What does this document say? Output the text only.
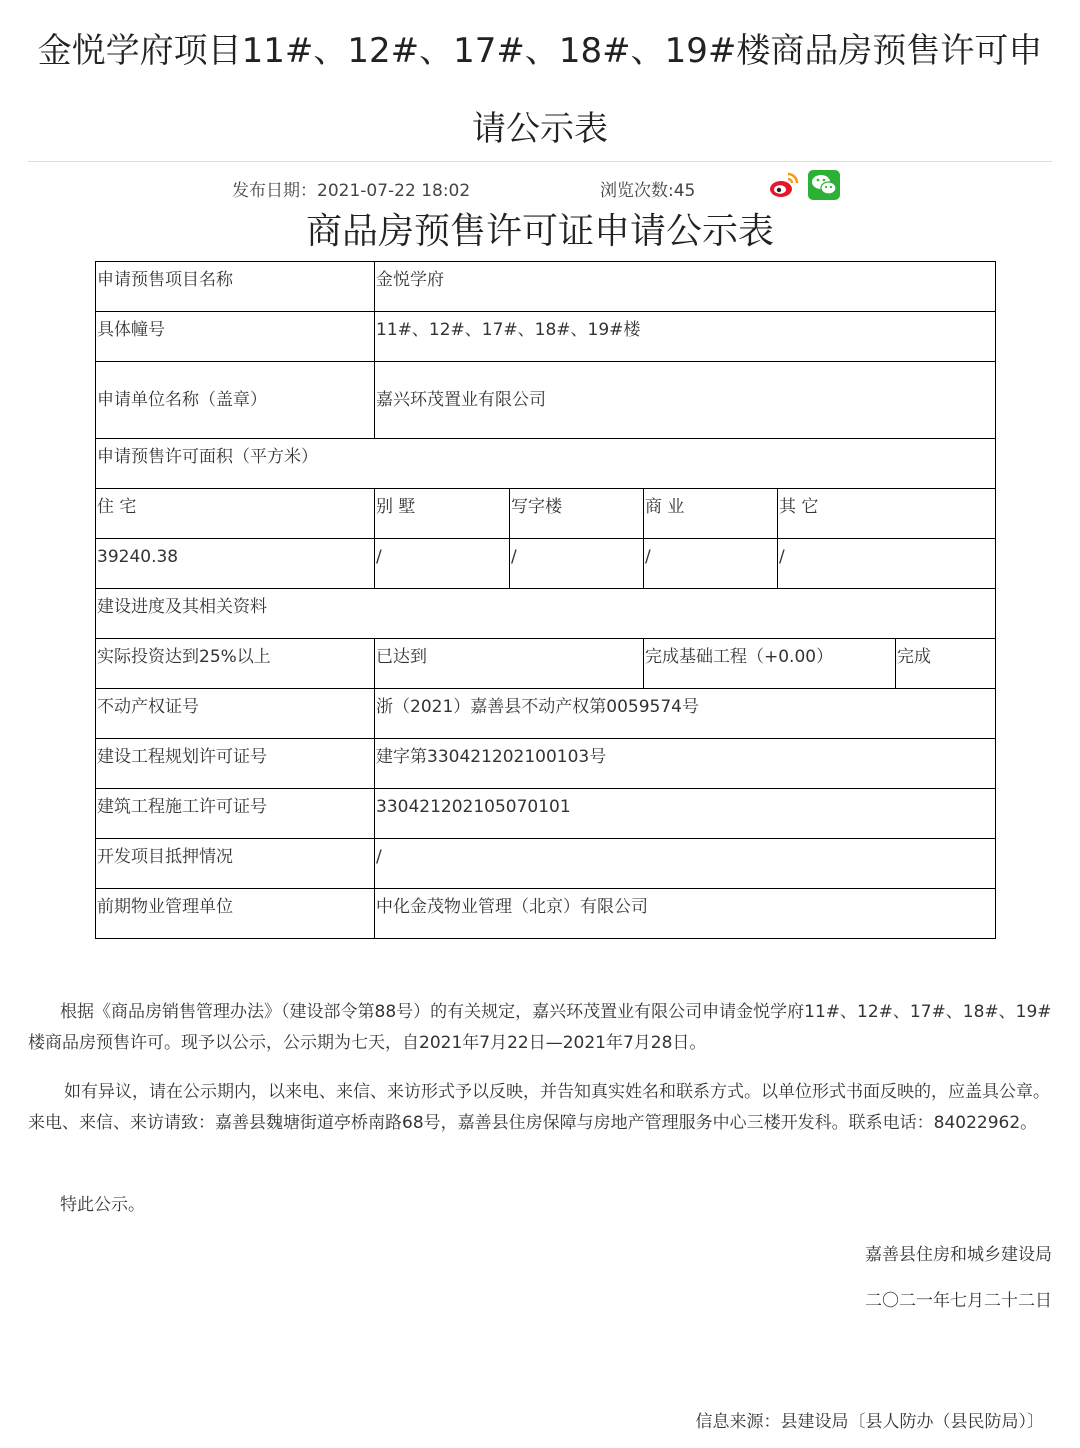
金悦学府项目11#、12#、17#、18#、19#楼商品房预售许可申请公示表
发布日期：2021-07-22 18:02	浏览次数:45
商品房预售许可证申请公示表
申请预售项目名称	金悦学府				
具体幢号	11#、12#、17#、18#、19#楼				
申请单位名称（盖章）	嘉兴环茂置业有限公司				
申请预售许可面积（平方米）					
住 宅	别 墅	写字楼	商 业	其 它	
39240.38	/	/	/	/	
建设进度及其相关资料					
实际投资达到25%以上	已达到		完成基础工程（+0.00）		完成
不动产权证号	浙（2021）嘉善县不动产权第0059574号				
建设工程规划许可证号	建字第330421202100103号				
建筑工程施工许可证号	330421202105070101				
开发项目抵押情况	/				
前期物业管理单位	中化金茂物业管理（北京）有限公司				

根据《商品房销售管理办法》（建设部令第88号）的有关规定，嘉兴环茂置业有限公司申请金悦学府11#、12#、17#、18#、19#楼商品房预售许可。现予以公示，公示期为七天，自2021年7月22日—2021年7月28日。

如有异议，请在公示期内，以来电、来信、来访形式予以反映，并告知真实姓名和联系方式。以单位形式书面反映的，应盖具公章。来电、来信、来访请致：嘉善县魏塘街道亭桥南路68号，嘉善县住房保障与房地产管理服务中心三楼开发科。联系电话：84022962。

特此公示。

嘉善县住房和城乡建设局
二〇二一年七月二十二日
信息来源：县建设局〔县人防办（县民防局）〕
